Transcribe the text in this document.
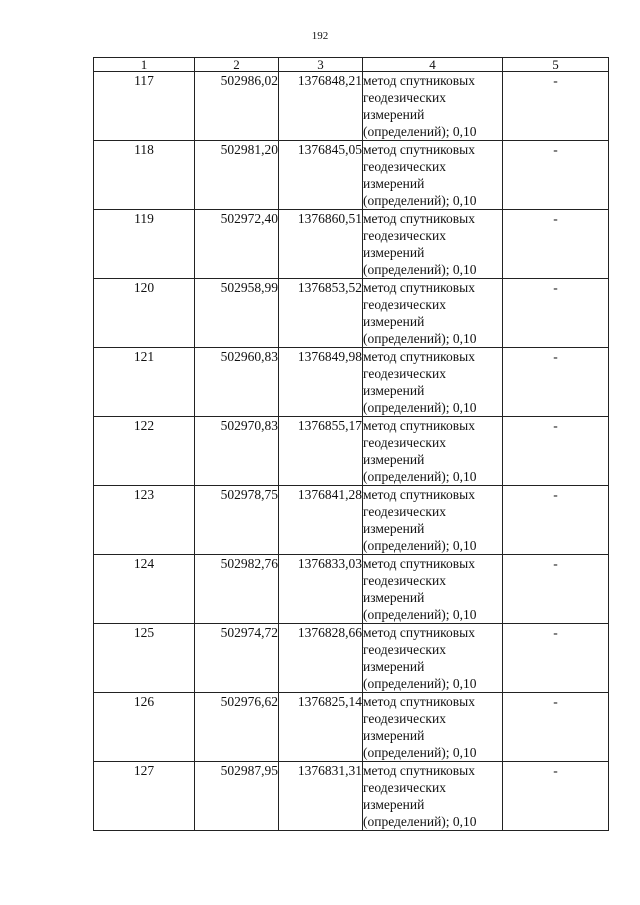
192
1	2	3	4	5
117	502986,02	1376848,21	метод спутниковых
геодезических
измерений
(определений); 0,10	-
118	502981,20	1376845,05	метод спутниковых
геодезических
измерений
(определений); 0,10	-
119	502972,40	1376860,51	метод спутниковых
геодезических
измерений
(определений); 0,10	-
120	502958,99	1376853,52	метод спутниковых
геодезических
измерений
(определений); 0,10	-
121	502960,83	1376849,98	метод спутниковых
геодезических
измерений
(определений); 0,10	-
122	502970,83	1376855,17	метод спутниковых
геодезических
измерений
(определений); 0,10	-
123	502978,75	1376841,28	метод спутниковых
геодезических
измерений
(определений); 0,10	-
124	502982,76	1376833,03	метод спутниковых
геодезических
измерений
(определений); 0,10	-
125	502974,72	1376828,66	метод спутниковых
геодезических
измерений
(определений); 0,10	-
126	502976,62	1376825,14	метод спутниковых
геодезических
измерений
(определений); 0,10	-
127	502987,95	1376831,31	метод спутниковых
геодезических
измерений
(определений); 0,10	-
